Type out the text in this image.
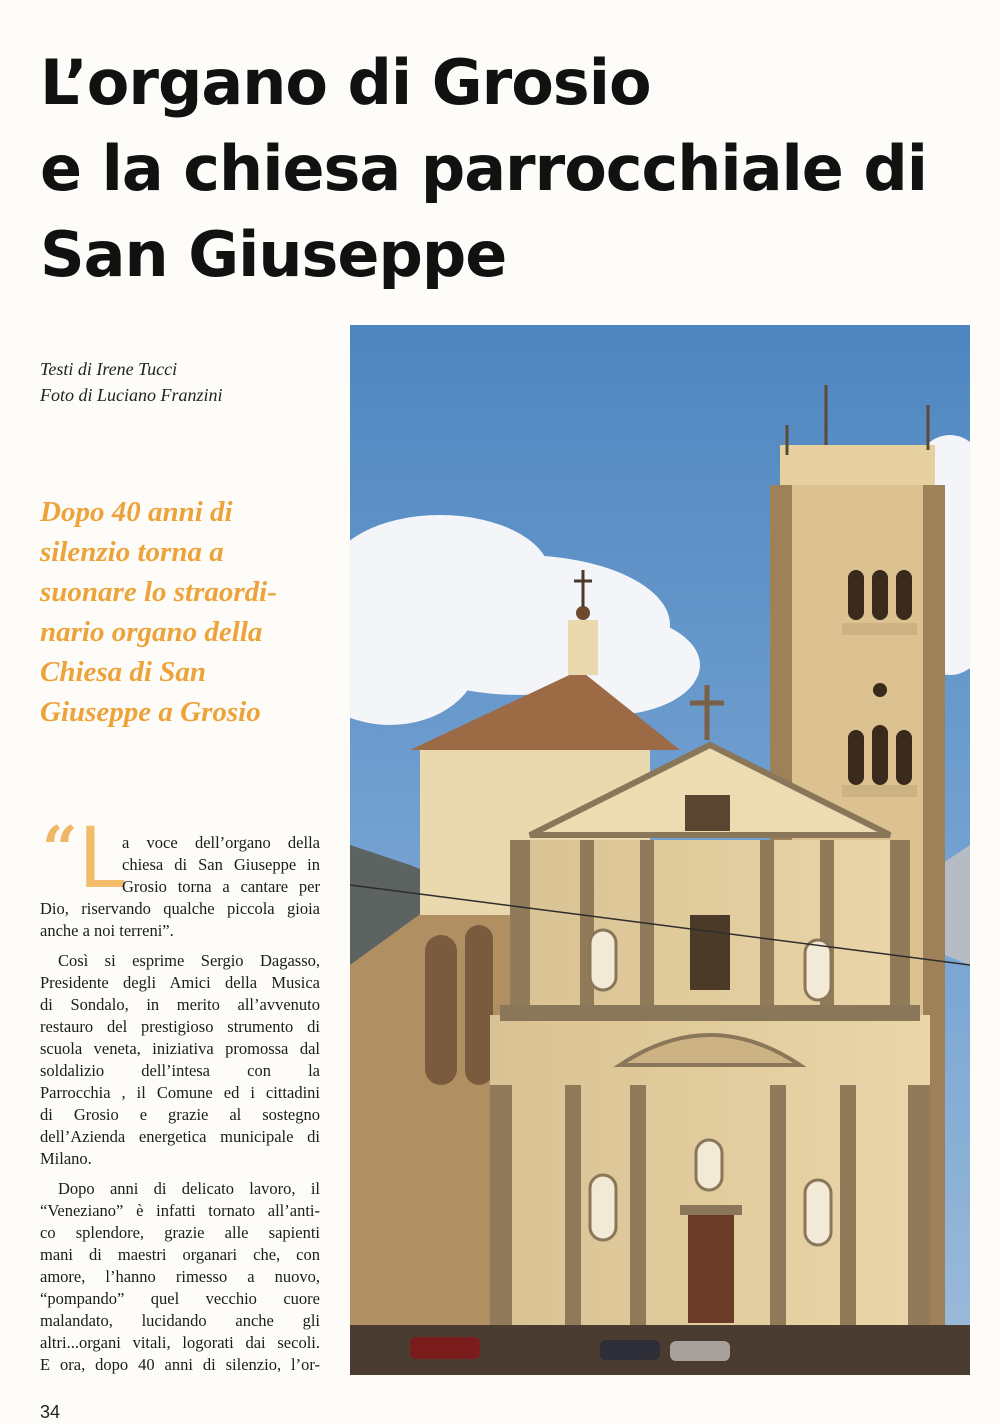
L’organo di Grosio
e la chiesa parrocchiale di
San Giuseppe
Testi di Irene Tucci
Foto di Luciano Franzini
Dopo 40 anni di
silenzio torna a
suonare lo straordi-
nario organo della
Chiesa di San
Giuseppe a Grosio
“ L

a voce dell’organo della
chiesa di San Giuseppe in
Grosio torna a cantare per
Dio, riservando qualche piccola gioia
anche a noi terreni”.

Così si esprime Sergio Dagasso,
Presidente degli Amici della Musica
di Sondalo, in merito all’avvenuto
restauro del prestigioso strumento di
scuola veneta, iniziativa promossa dal
soldalizio dell’intesa con la
Parrocchia , il Comune ed i cittadini
di Grosio e grazie al sostegno
dell’Azienda energetica municipale di
Milano.

Dopo anni di delicato lavoro, il
“Veneziano” è infatti tornato all’anti-
co splendore, grazie alle sapienti
mani di maestri organari che, con
amore, l’hanno rimesso a nuovo,
“pompando” quel vecchio cuore
malandato, lucidando anche gli
altri...organi vitali, logorati dai secoli.
E ora, dopo 40 anni di silenzio, l’or-

34
